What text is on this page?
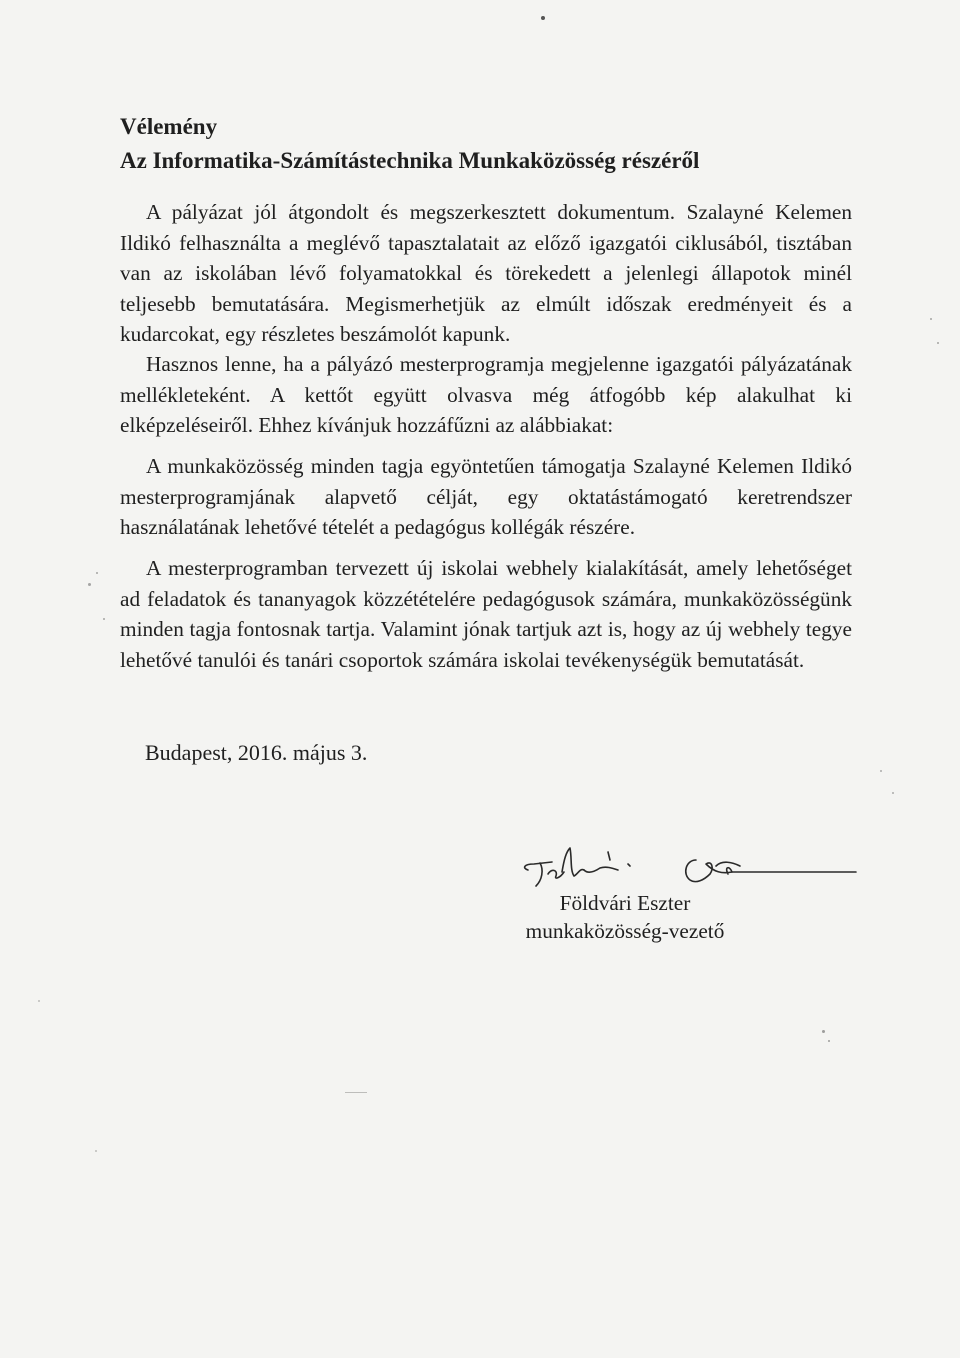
Vélemény
Az Informatika-Számítástechnika Munkaközösség részéről

A pályázat jól átgondolt és megszerkesztett dokumentum. Szalayné Kelemen Ildikó felhasználta a meglévő tapasztalatait az előző igazgatói ciklusából, tisztában van az iskolában lévő folyamatokkal és törekedett a jelenlegi állapotok minél teljesebb bemutatására. Megismerhetjük az elmúlt időszak eredményeit és a kudarcokat, egy részletes beszámolót kapunk.

Hasznos lenne, ha a pályázó mesterprogramja megjelenne igazgatói pályázatának mellékleteként. A kettőt együtt olvasva még átfogóbb kép alakulhat ki elképzeléseiről. Ehhez kívánjuk hozzáfűzni az alábbiakat:

A munkaközösség minden tagja egyöntetűen támogatja Szalayné Kelemen Ildikó mesterprogramjának alapvető célját, egy oktatástámogató keretrendszer használatának lehetővé tételét a pedagógus kollégák részére.

A mesterprogramban tervezett új iskolai webhely kialakítását, amely lehetőséget ad feladatok és tananyagok közzétételére pedagógusok számára, munkaközösségünk minden tagja fontosnak tartja. Valamint jónak tartjuk azt is, hogy az új webhely tegye lehetővé tanulói és tanári csoportok számára iskolai tevékenységük bemutatását.

Budapest, 2016. május 3.

Földvári Eszter
munkaközösség-vezető
